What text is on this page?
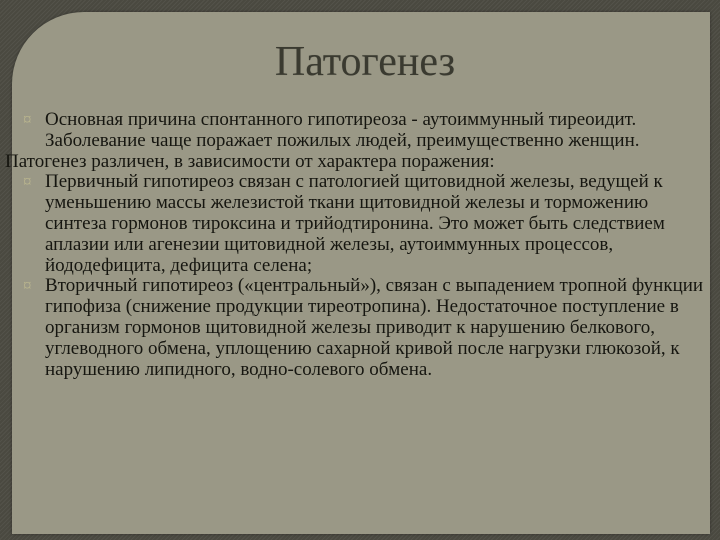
Патогенез
¤ Основная причина спонтанного гипотиреоза - аутоиммунный тиреоидит. Заболевание чаще поражает пожилых людей, преимущественно женщин.
Патогенез различен, в зависимости от характера поражения:
¤ Первичный гипотиреоз связан с патологией щитовидной железы, ведущей к уменьшению массы железистой ткани щитовидной железы и торможению синтеза гормонов тироксина и трийодтиронина. Это может быть следствием аплазии или агенезии щитовидной железы, аутоиммунных процессов, йододефицита, дефицита селена;
¤ Вторичный гипотиреоз («центральный»), связан с выпадением тропной функции гипофиза (снижение продукции тиреотропина). Недостаточное поступление в организм гормонов щитовидной железы приводит к нарушению белкового, углеводного обмена, уплощению сахарной кривой после нагрузки глюкозой, к нарушению липидного, водно-солевого обмена.
